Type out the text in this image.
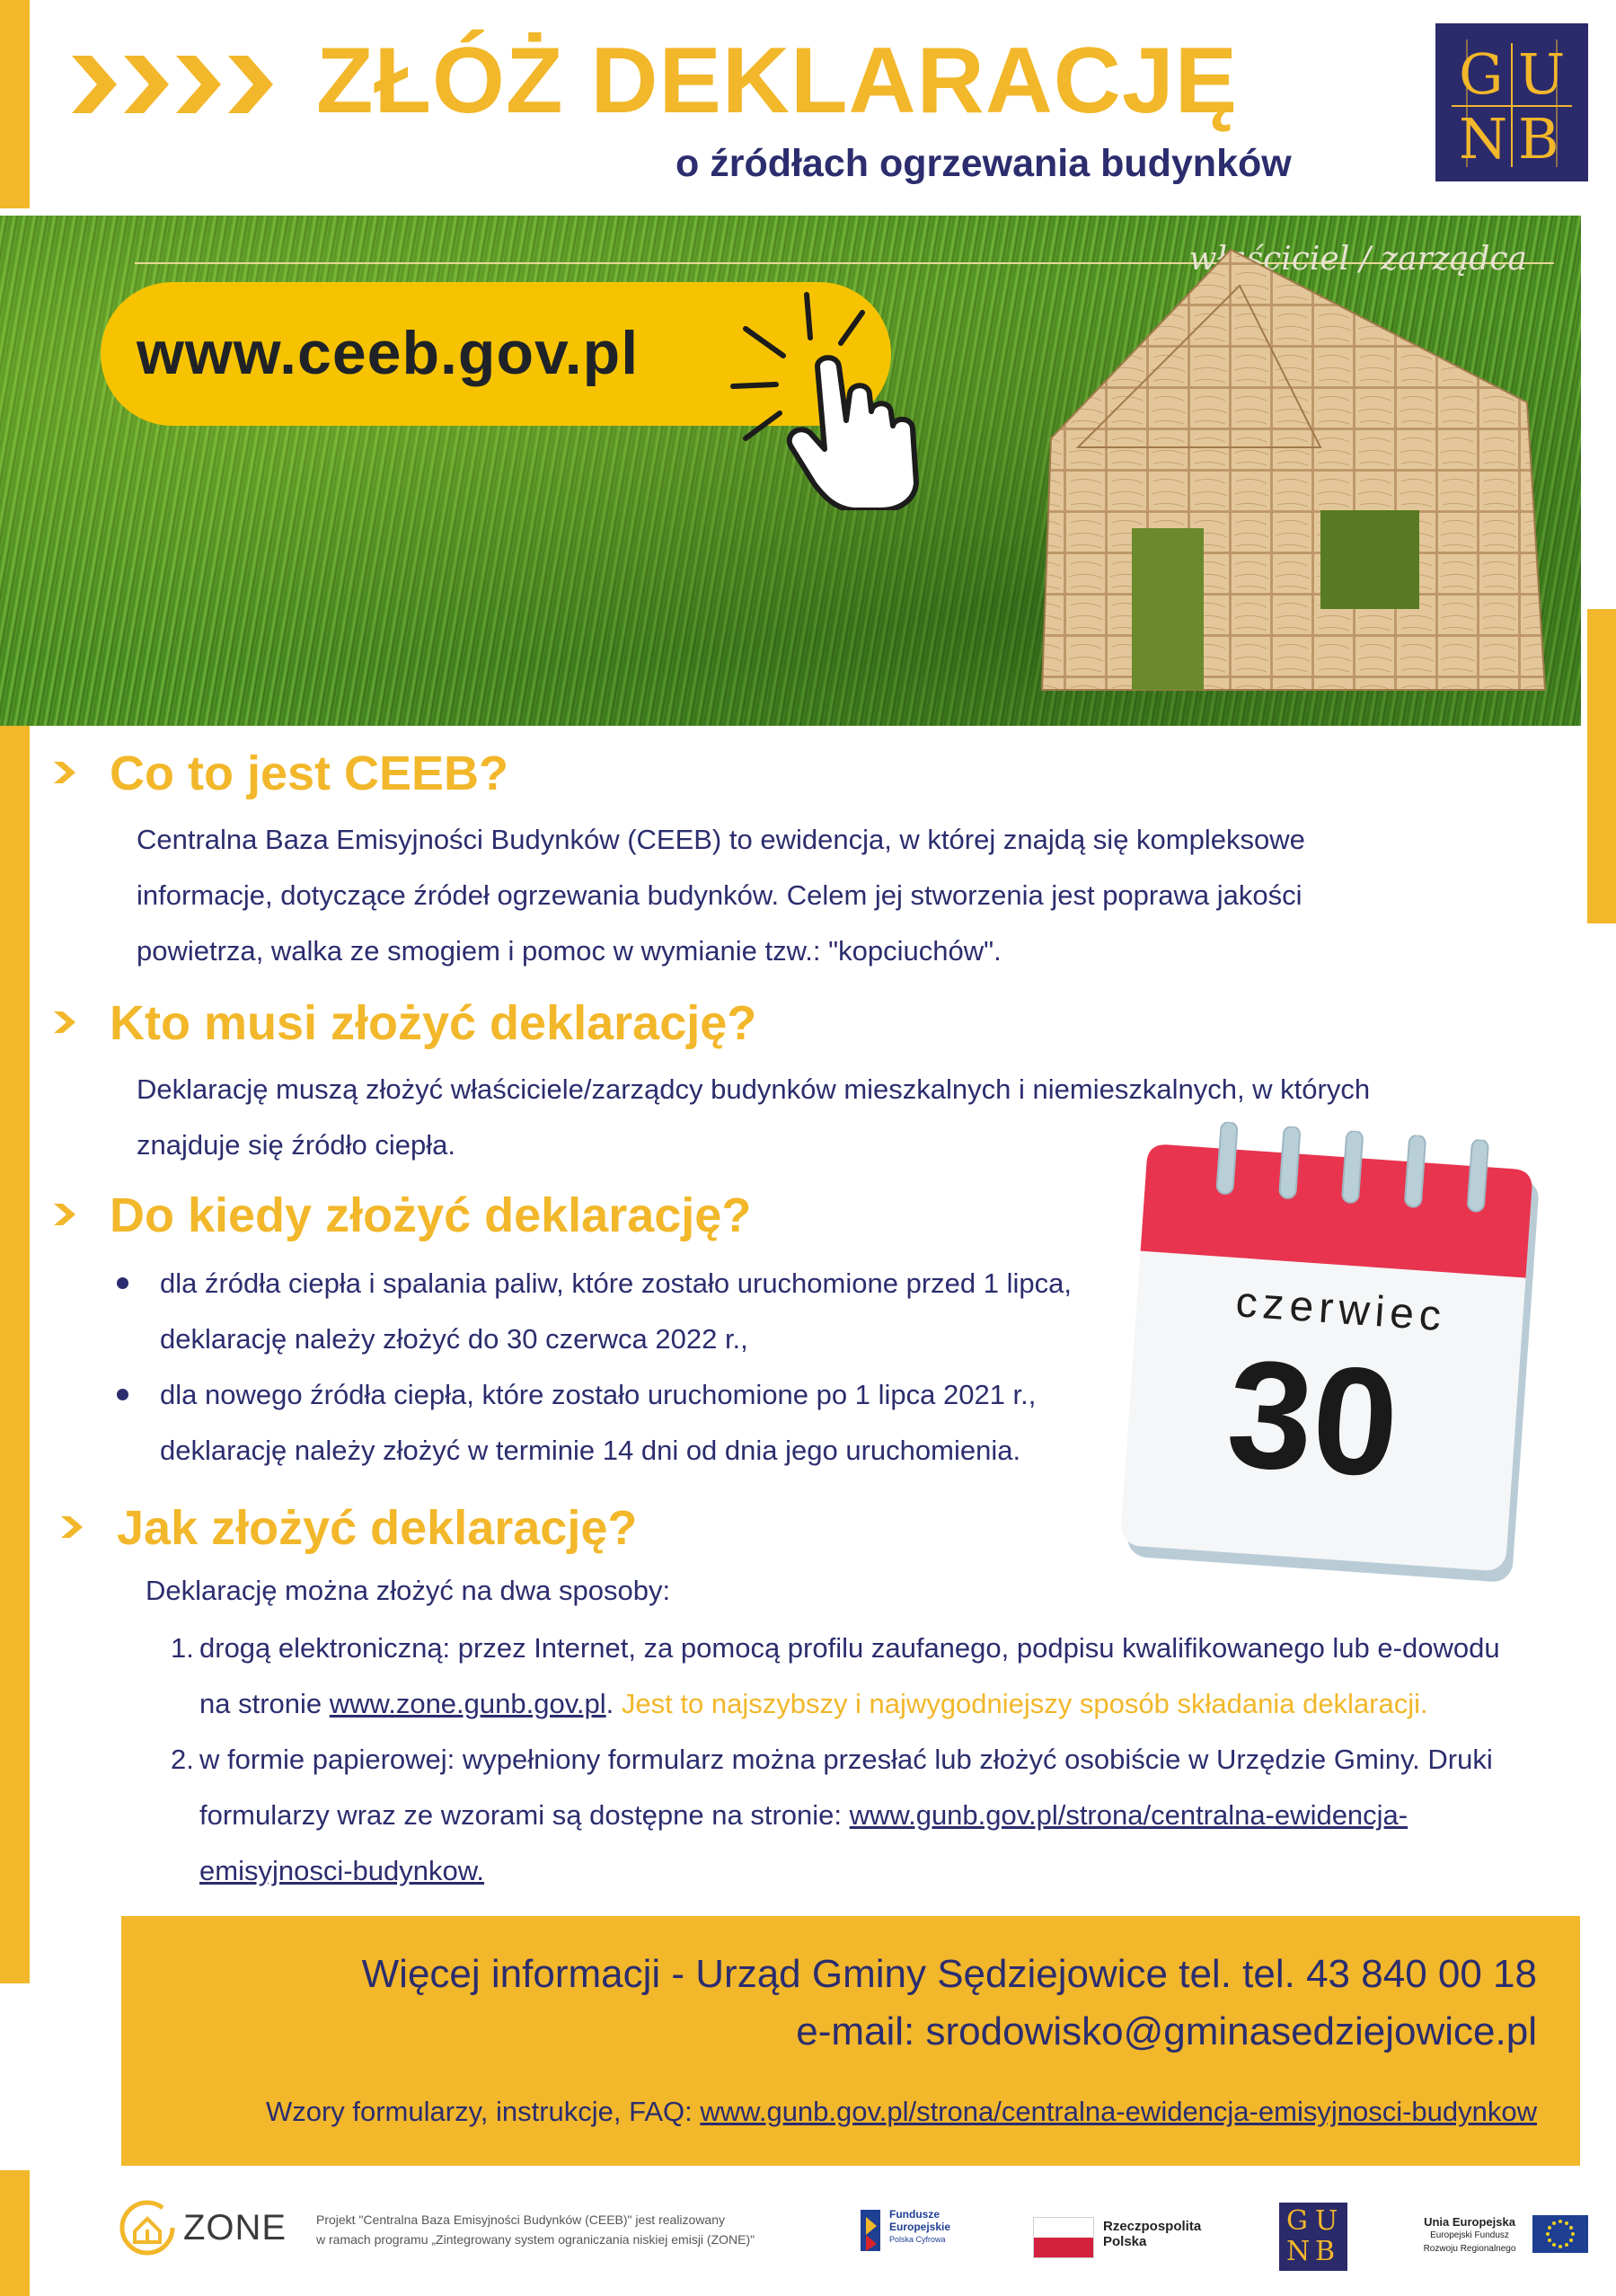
ZŁÓŻ DEKLARACJĘ
o źródłach ogrzewania budynków
G U
N B
właściciel / zarządca
www.ceeb.gov.pl
Co to jest CEEB?
Centralna Baza Emisyjności Budynków (CEEB) to ewidencja, w której znajdą się kompleksowe
informacje, dotyczące źródeł ogrzewania budynków. Celem jej stworzenia jest poprawa jakości
powietrza, walka ze smogiem i pomoc w wymianie tzw.: "kopciuchów".
Kto musi złożyć deklarację?
Deklarację muszą złożyć właściciele/zarządcy budynków mieszkalnych i niemieszkalnych, w których
znajduje się źródło ciepła.
Do kiedy złożyć deklarację?
dla źródła ciepła i spalania paliw, które zostało uruchomione przed 1 lipca,
deklarację należy złożyć do 30 czerwca 2022 r.,
dla nowego źródła ciepła, które zostało uruchomione po 1 lipca 2021 r.,
deklarację należy złożyć w terminie 14 dni od dnia jego uruchomienia.
czerwiec
30
Jak złożyć deklarację?
Deklarację można złożyć na dwa sposoby:
1. drogą elektroniczną: przez Internet, za pomocą profilu zaufanego, podpisu kwalifikowanego lub e-dowodu
na stronie www.zone.gunb.gov.pl. Jest to najszybszy i najwygodniejszy sposób składania deklaracji.
2. w formie papierowej: wypełniony formularz można przesłać lub złożyć osobiście w Urzędzie Gminy. Druki
formularzy wraz ze wzorami są dostępne na stronie: www.gunb.gov.pl/strona/centralna-ewidencja-
emisyjnosci-budynkow.
Więcej informacji - Urząd Gminy Sędziejowice tel. tel. 43 840 00 18
e-mail: srodowisko@gminasedziejowice.pl
Wzory formularzy, instrukcje, FAQ: www.gunb.gov.pl/strona/centralna-ewidencja-emisyjnosci-budynkow
ZONE Projekt "Centralna Baza Emisyjności Budynków (CEEB)" jest realizowany
w ramach programu „Zintegrowany system ograniczania niskiej emisji (ZONE)"
Fundusze
Europejskie
Polska Cyfrowa
Rzeczpospolita
Polska
G U
N B
Unia Europejska
Europejski Fundusz
Rozwoju Regionalnego
